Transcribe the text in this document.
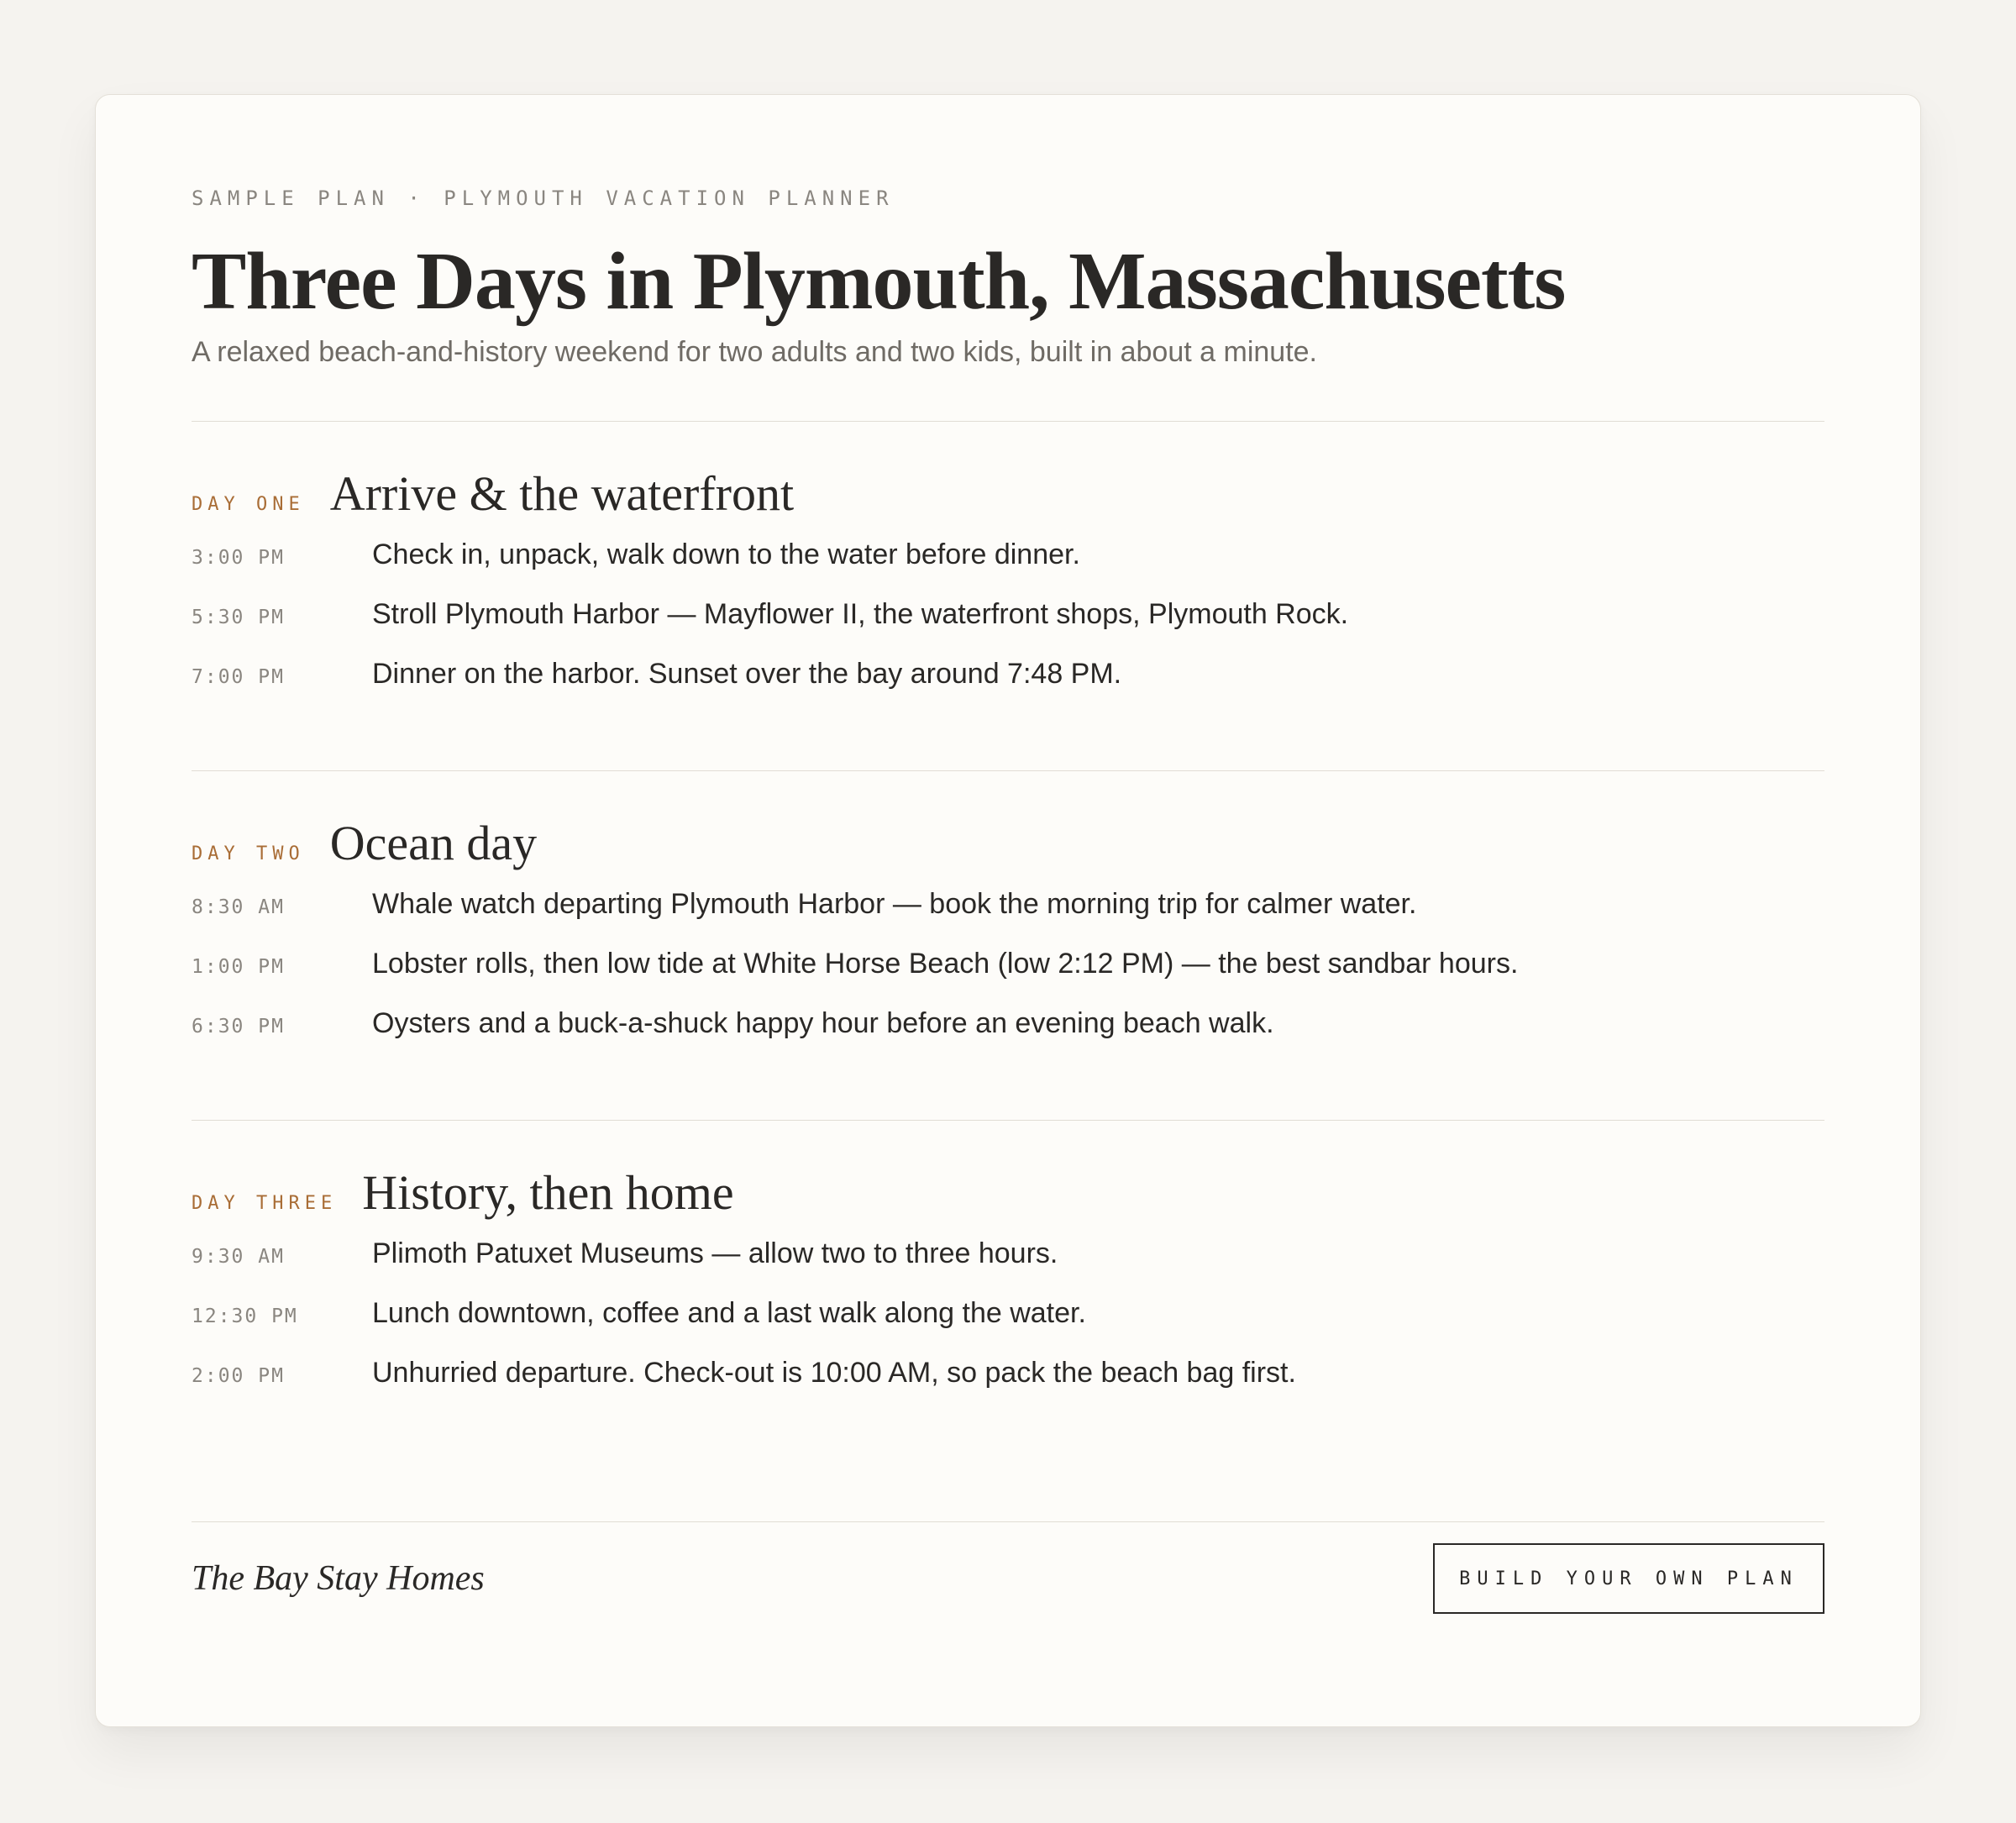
SAMPLE PLAN · PLYMOUTH VACATION PLANNER

Three Days in Plymouth, Massachusetts

A relaxed beach-and-history weekend for two adults and two kids, built in about a minute.

DAY ONE Arrive & the waterfront
3:00 PM	Check in, unpack, walk down to the water before dinner.
5:30 PM	Stroll Plymouth Harbor — Mayflower II, the waterfront shops, Plymouth Rock.
7:00 PM	Dinner on the harbor. Sunset over the bay around 7:48 PM.
DAY TWO Ocean day
8:30 AM	Whale watch departing Plymouth Harbor — book the morning trip for calmer water.
1:00 PM	Lobster rolls, then low tide at White Horse Beach (low 2:12 PM) — the best sandbar hours.
6:30 PM	Oysters and a buck-a-shuck happy hour before an evening beach walk.
DAY THREE History, then home
9:30 AM	Plimoth Patuxet Museums — allow two to three hours.
12:30 PM	Lunch downtown, coffee and a last walk along the water.
2:00 PM	Unhurried departure. Check-out is 10:00 AM, so pack the beach bag first.
The Bay Stay Homes	BUILD YOUR OWN PLAN
